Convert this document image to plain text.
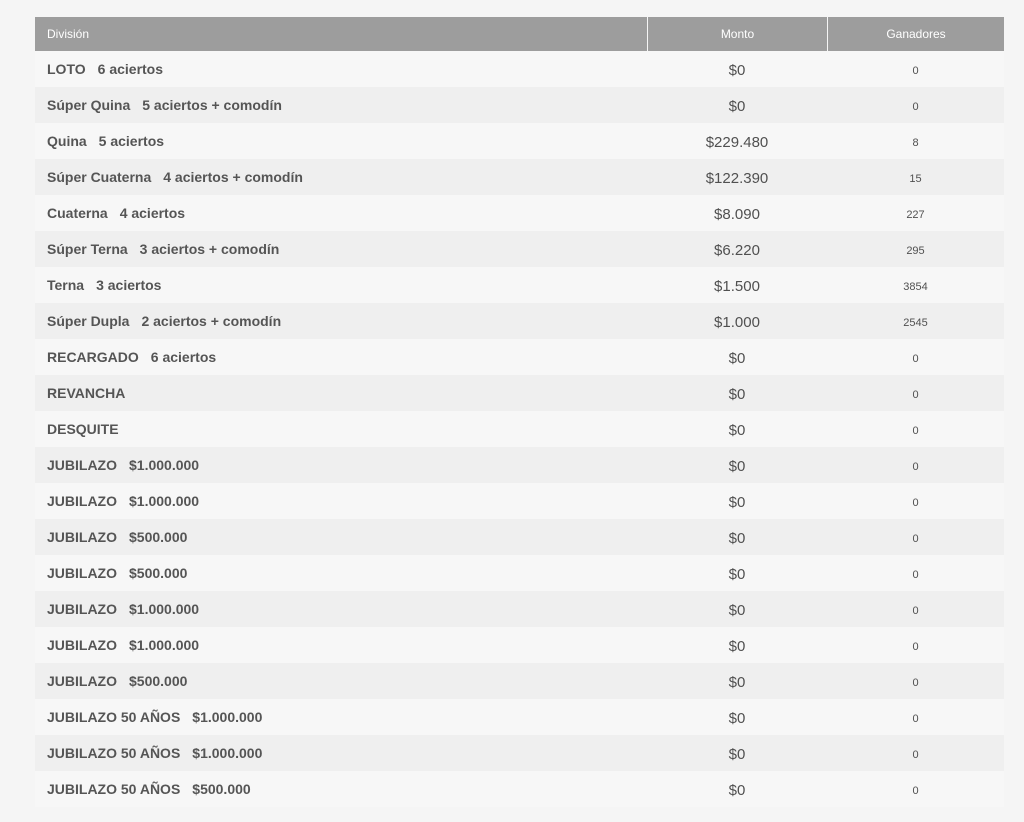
División	Monto	Ganadores
LOTO 6 aciertos	$0	0
Súper Quina 5 aciertos + comodín	$0	0
Quina 5 aciertos	$229.480	8
Súper Cuaterna 4 aciertos + comodín	$122.390	15
Cuaterna 4 aciertos	$8.090	227
Súper Terna 3 aciertos + comodín	$6.220	295
Terna 3 aciertos	$1.500	3854
Súper Dupla 2 aciertos + comodín	$1.000	2545
RECARGADO 6 aciertos	$0	0
REVANCHA	$0	0
DESQUITE	$0	0
JUBILAZO $1.000.000	$0	0
JUBILAZO $1.000.000	$0	0
JUBILAZO $500.000	$0	0
JUBILAZO $500.000	$0	0
JUBILAZO $1.000.000	$0	0
JUBILAZO $1.000.000	$0	0
JUBILAZO $500.000	$0	0
JUBILAZO 50 AÑOS $1.000.000	$0	0
JUBILAZO 50 AÑOS $1.000.000	$0	0
JUBILAZO 50 AÑOS $500.000	$0	0
